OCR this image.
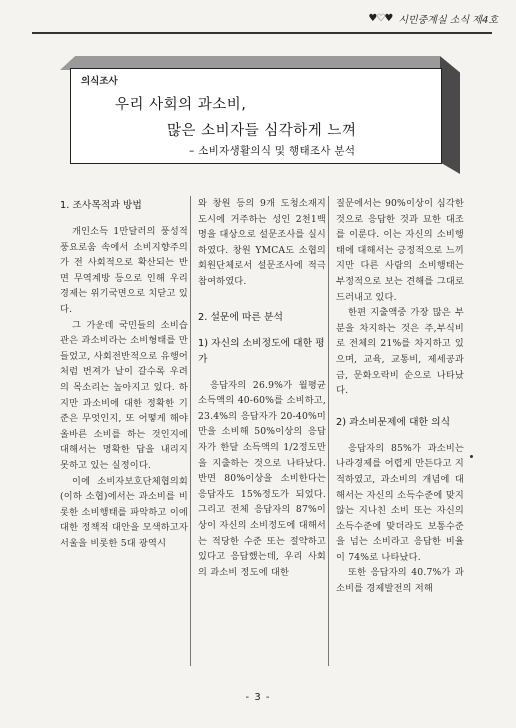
♥♡♥ 시민중계실 소식 제4호
의식조사
우리 사회의 과소비,
많은 소비자들 심각하게 느껴
– 소비자생활의식 및 행태조사 분석
1. 조사목적과 방법

개인소득 1만달러의 풍성적 풍요로움 속에서 소비지향주의가 전 사회적으로 확산되는 반면 무역계방 등으로 인해 우리경제는 위기국면으로 치닫고 있다.

그 가운데 국민들의 소비습관은 과소비라는 소비형태를 만들었고, 사회전반적으로 유행어처럼 번져가 날이 갈수록 우려의 목소리는 높아지고 있다. 하지만 과소비에 대한 정확한 기준은 무엇인지, 또 어떻게 해야 올바른 소비를 하는 것인지에 대해서는 명확한 답을 내리지 못하고 있는 실정이다.

이에 소비자보호단체협의회(이하 소협)에서는 과소비를 비롯한 소비행태를 파악하고 이에 대한 정책적 대안을 모색하고자 서울을 비롯한 5대 광역시

와 창원 등의 9개 도청소재지 도시에 거주하는 성인 2천1백명을 대상으로 설문조사를 실시하였다. 창원 YMCA도 소협의 회원단체로서 설문조사에 적극 참여하였다.

2. 설문에 따른 분석
1) 자신의 소비정도에 대한 평가

응답자의 26.9%가 월평균 소득액의 40-60%를 소비하고, 23.4%의 응답자가 20-40%미만을 소비해 50%이상의 응답자가 한달 소득액의 1/2정도만을 지출하는 것으로 나타났다. 반면 80%이상을 소비한다는 응답자도 15%정도가 되었다. 그리고 전체 응답자의 87%이상이 자신의 소비정도에 대해서는 적당한 수준 또는 절약하고 있다고 응답했는데, 우리 사회의 과소비 정도에 대한

질문에서는 90%이상이 심각한 것으로 응답한 것과 묘한 대조를 이룬다. 이는 자신의 소비행태에 대해서는 긍정적으로 느끼지만 다른 사람의 소비행태는 부정적으로 보는 견해를 그대로 드러내고 있다.

한편 지출액중 가장 많은 부분을 차지하는 것은 주,부식비로 전체의 21%를 차지하고 있으며, 교육, 교통비, 제세공과금, 문화오락비 순으로 나타났다.

2) 과소비문제에 대한 의식

응답자의 85%가 과소비는 나라경제를 어렵게 만든다고 지적하였고, 과소비의 개념에 대해서는 자신의 소득수준에 맞지 않는 지나친 소비 또는 자신의 소득수준에 맞더라도 보통수준을 넘는 소비라고 응답한 비율이 74%로 나타났다.

또한 응답자의 40.7%가 과소비를 경제발전의 저해

- 3 -
